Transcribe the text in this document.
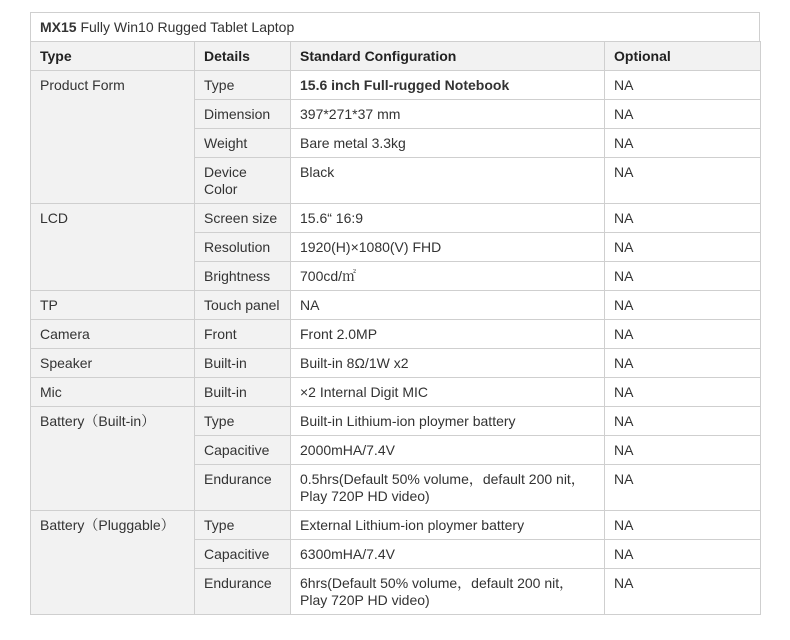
MX15 Fully Win10 Rugged Tablet Laptop
Type	Details	Standard Configuration	Optional
Product Form	Type	15.6 inch Full-rugged Notebook	NA
	Dimension	397*271*37 mm	NA
	Weight	Bare metal 3.3kg	NA
	Device Color	Black	NA
LCD	Screen size	15.6“ 16:9	NA
	Resolution	1920(H)×1080(V) FHD	NA
	Brightness	700cd/㎡	NA
TP	Touch panel	NA	NA
Camera	Front	Front 2.0MP	NA
Speaker	Built-in	Built-in 8Ω/1W x2	NA
Mic	Built-in	×2 Internal Digit MIC	NA
Battery（Built-in）	Type	Built-in Lithium-ion ploymer battery	NA
	Capacitive	2000mHA/7.4V	NA
	Endurance	0.5hrs(Default 50% volume，default 200 nit，Play 720P HD video)	NA
Battery（Pluggable）	Type	External Lithium-ion ploymer battery	NA
	Capacitive	6300mHA/7.4V	NA
	Endurance	6hrs(Default 50% volume，default 200 nit，Play 720P HD video)	NA
